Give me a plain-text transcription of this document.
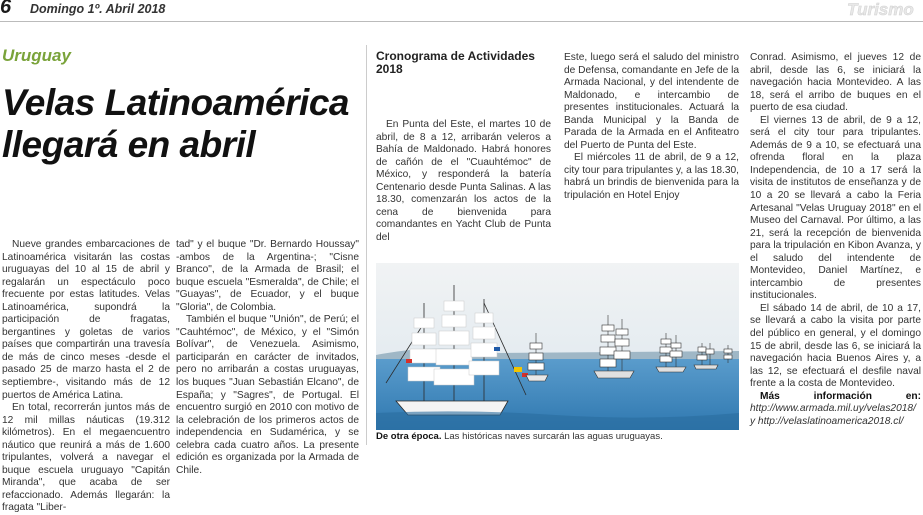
6 Domingo 1º. Abril 2018	Turismo
Uruguay
Velas Latinoamérica llegará en abril

Nueve grandes embarcaciones de Latinoamérica visitarán las costas uruguayas del 10 al 15 de abril y regalarán un espectáculo poco frecuente por estas latitudes. Velas Latinoamérica, supondrá la participación de fragatas, bergantines y goletas de varios países que compartirán una travesía de más de cinco meses -desde el pasado 25 de marzo hasta el 2 de septiembre-, visitando más de 12 puertos de América Latina.

En total, recorrerán juntos más de 12 mil millas náuticas (19.312 kilómetros). En el megaencuentro náutico que reunirá a más de 1.600 tripulantes, volverá a navegar el buque escuela uruguayo "Capitán Miranda", que acaba de ser refaccionado. Además llegarán: la fragata "Liber-

tad" y el buque "Dr. Bernardo Houssay" -ambos de la Argentina-; "Cisne Branco", de la Armada de Brasil; el buque escuela "Esmeralda", de Chile; el "Guayas", de Ecuador, y el buque "Gloria", de Colombia.

También el buque "Unión", de Perú; el "Cauhtémoc", de México, y el "Simón Bolívar", de Venezuela. Asimismo, participarán en carácter de invitados, pero no arribarán a costas uruguayas, los buques "Juan Sebastián Elcano", de España; y "Sagres", de Portugal. El encuentro surgió en 2010 con motivo de la celebración de los primeros actos de independencia en Sudamérica, y se celebra cada cuatro años. La presente edición es organizada por la Armada de Chile.

Cronograma de Actividades 2018

En Punta del Este, el martes 10 de abril, de 8 a 12, arribarán veleros a Bahía de Maldonado. Habrá honores de cañón de el "Cuauhtémoc" de México, y responderá la batería Centenario desde Punta Salinas. A las 18.30, comenzarán los actos de la cena de bienvenida para comandantes en Yacht Club de Punta del

Este, luego será el saludo del ministro de Defensa, comandante en Jefe de la Armada Nacional, y del intendente de Maldonado, e intercambio de presentes institucionales. Actuará la Banda Municipal y la Banda de Parada de la Armada en el Anfiteatro del Puerto de Punta del Este.

El miércoles 11 de abril, de 9 a 12, city tour para tripulantes y, a las 18.30, habrá un brindis de bienvenida para la tripulación en Hotel Enjoy

Conrad. Asimismo, el jueves 12 de abril, desde las 6, se iniciará la navegación hacia Montevideo. A las 18, será el arribo de buques en el puerto de esa ciudad.

El viernes 13 de abril, de 9 a 12, será el city tour para tripulantes. Además de 9 a 10, se efectuará una ofrenda floral en la plaza Independencia, de 10 a 17 será la visita de institutos de enseñanza y de 10 a 20 se llevará a cabo la Feria Artesanal "Velas Uruguay 2018" en el Museo del Carnaval. Por último, a las 21, será la recepción de bienvenida para la tripulación en Kibon Avanza, y el saludo del intendente de Montevideo, Daniel Martínez, e intercambio de presentes institucionales.

El sábado 14 de abril, de 10 a 17, se llevará a cabo la visita por parte del público en general, y el domingo 15 de abril, desde las 6, se iniciará la navegación hacia Buenos Aires y, a las 12, se efectuará el desfile naval frente a la costa de Montevideo.

Más información en: http://www.armada.mil.uy/velas2018/ y http://velaslatinoamerica2018.cl/

De otra época. Las históricas naves surcarán las aguas uruguayas.
